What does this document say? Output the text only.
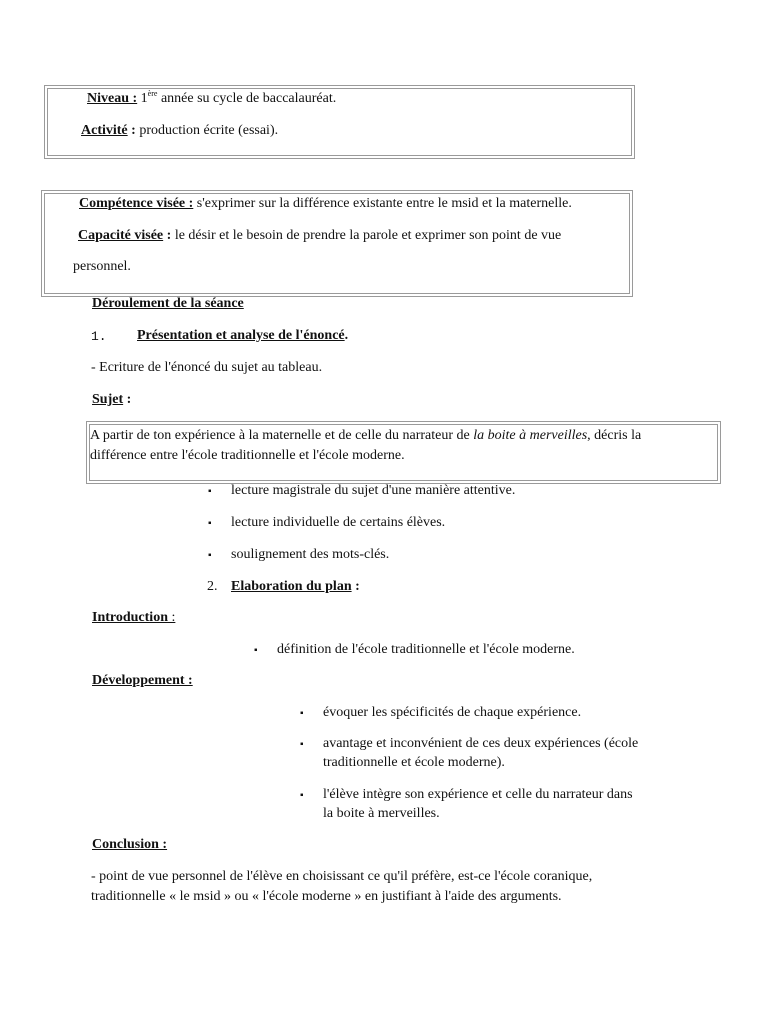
Niveau : 1ère année su cycle de baccalauréat.
Activité : production écrite (essai).
Compétence visée : s'exprimer sur la différence existante entre le msid et la maternelle.
Capacité visée : le désir et le besoin de prendre la parole et exprimer son point de vue
personnel.
Déroulement de la séance
1. Présentation et analyse de l'énoncé.
- Ecriture de l'énoncé du sujet au tableau.
Sujet :
A partir de ton expérience à la maternelle et de celle du narrateur de la boite à merveilles, décris la
différence entre l'école traditionnelle et l'école moderne.
▪ lecture magistrale du sujet d'une manière attentive.
▪ lecture individuelle de certains élèves.
▪ soulignement des mots-clés.
2. Elaboration du plan :
Introduction :
▪ définition de l'école traditionnelle et l'école moderne.
Développement :
▪ évoquer les spécificités de chaque expérience.
▪ avantage et inconvénient de ces deux expériences (école
traditionnelle et école moderne).
▪ l'élève intègre son expérience et celle du narrateur dans
la boite à merveilles.
Conclusion :
- point de vue personnel de l'élève en choisissant ce qu'il préfère, est-ce l'école coranique,
traditionnelle « le msid » ou « l'école moderne » en justifiant à l'aide des arguments.
